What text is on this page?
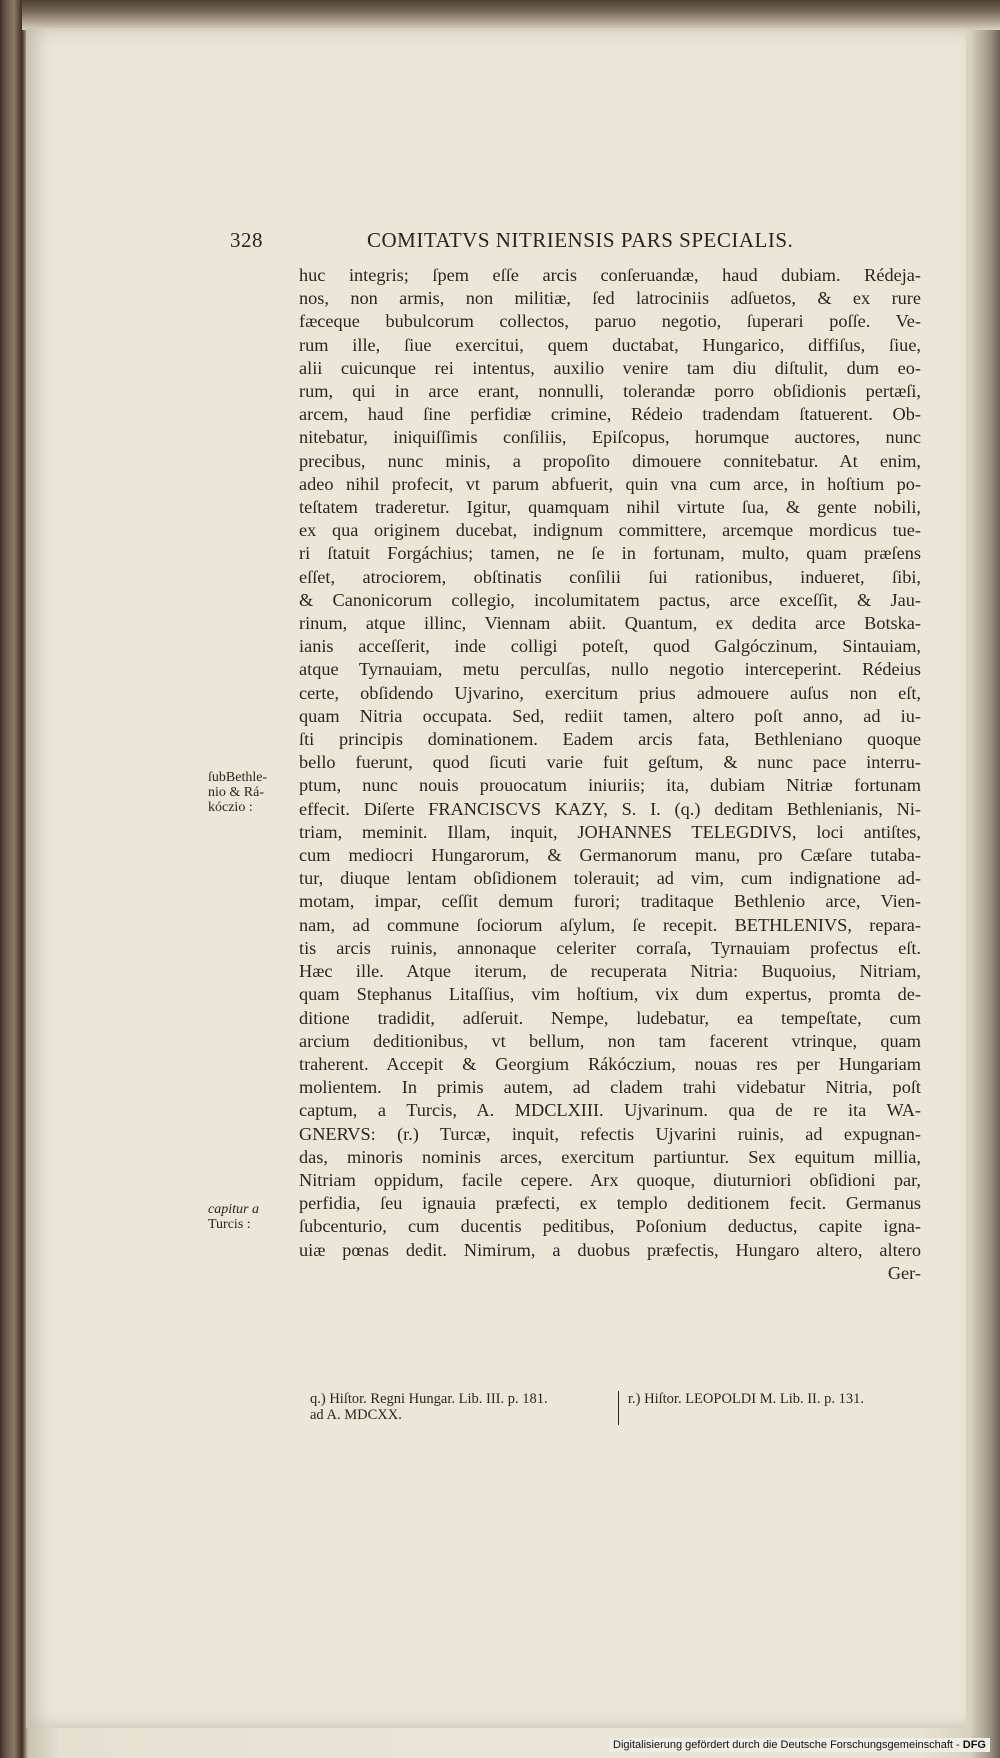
328	COMITATVS NITRIENSIS PARS SPECIALIS.
ſubBethle-
nio & Rá-
kóczio :
capitur a
Turcis :

huc integris; ſpem eſſe arcis conſeruandæ, haud dubiam. Rédeja-

nos, non armis, non militiæ, ſed latrociniis adſuetos, & ex rure

fæceque bubulcorum collectos, paruo negotio, ſuperari poſſe. Ve-

rum ille, ſiue exercitui, quem ductabat, Hungarico, diffiſus, ſiue,

alii cuicunque rei intentus, auxilio venire tam diu diſtulit, dum eo-

rum, qui in arce erant, nonnulli, tolerandæ porro obſidionis pertæſi,

arcem, haud ſine perfidiæ crimine, Rédeio tradendam ſtatuerent. Ob-

nitebatur, iniquiſſimis conſiliis, Epiſcopus, horumque auctores, nunc

precibus, nunc minis, a propoſito dimouere connitebatur. At enim,

adeo nihil profecit, vt parum abfuerit, quin vna cum arce, in hoſtium po-

teſtatem traderetur. Igitur, quamquam nihil virtute ſua, & gente nobili,

ex qua originem ducebat, indignum committere, arcemque mordicus tue-

ri ſtatuit Forgáchius; tamen, ne ſe in fortunam, multo, quam præſens

eſſet, atrociorem, obſtinatis conſilii ſui rationibus, indueret, ſibi,

& Canonicorum collegio, incolumitatem pactus, arce exceſſit, & Jau-

rinum, atque illinc, Viennam abiit. Quantum, ex dedita arce Botska-

ianis acceſſerit, inde colligi poteſt, quod Galgóczinum, Sintauiam,

atque Tyrnauiam, metu perculſas, nullo negotio interceperint. Rédeius

certe, obſidendo Ujvarino, exercitum prius admouere auſus non eſt,

quam Nitria occupata. Sed, rediit tamen, altero poſt anno, ad iu-

ſti principis dominationem. Eadem arcis fata, Bethleniano quoque

bello fuerunt, quod ſicuti varie fuit geſtum, & nunc pace interru-

ptum, nunc nouis prouocatum iniuriis; ita, dubiam Nitriæ fortunam

effecit. Diſerte FRANCISCVS KAZY, S. I. (q.) deditam Bethlenianis, Ni-

triam, meminit. Illam, inquit, JOHANNES TELEGDIVS, loci antiſtes,

cum mediocri Hungarorum, & Germanorum manu, pro Cæſare tutaba-

tur, diuque lentam obſidionem tolerauit; ad vim, cum indignatione ad-

motam, impar, ceſſit demum furori; traditaque Bethlenio arce, Vien-

nam, ad commune ſociorum aſylum, ſe recepit. BETHLENIVS, repara-

tis arcis ruinis, annonaque celeriter corraſa, Tyrnauiam profectus eſt.

Hæc ille. Atque iterum, de recuperata Nitria: Buquoius, Nitriam,

quam Stephanus Litaſſius, vim hoſtium, vix dum expertus, promta de-

ditione tradidit, adſeruit. Nempe, ludebatur, ea tempeſtate, cum

arcium deditionibus, vt bellum, non tam facerent vtrinque, quam

traherent. Accepit & Georgium Rákóczium, nouas res per Hungariam

molientem. In primis autem, ad cladem trahi videbatur Nitria, poſt

captum, a Turcis, A. MDCLXIII. Ujvarinum. qua de re ita WA-

GNERVS: (r.) Turcæ, inquit, refectis Ujvarini ruinis, ad expugnan-

das, minoris nominis arces, exercitum partiuntur. Sex equitum millia,

Nitriam oppidum, facile cepere. Arx quoque, diuturniori obſidioni par,

perfidia, ſeu ignauia præfecti, ex templo deditionem fecit. Germanus

ſubcenturio, cum ducentis peditibus, Poſonium deductus, capite igna-

uiæ pœnas dedit. Nimirum, a duobus præfectis, Hungaro altero, altero

Ger-

q.) Hiſtor. Regni Hungar. Lib. III. p. 181.
ad A. MDCXX.
r.) Hiſtor. LEOPOLDI M. Lib. II. p. 131.
Digitalisierung gefördert durch die Deutsche Forschungsgemeinschaft - DFG
